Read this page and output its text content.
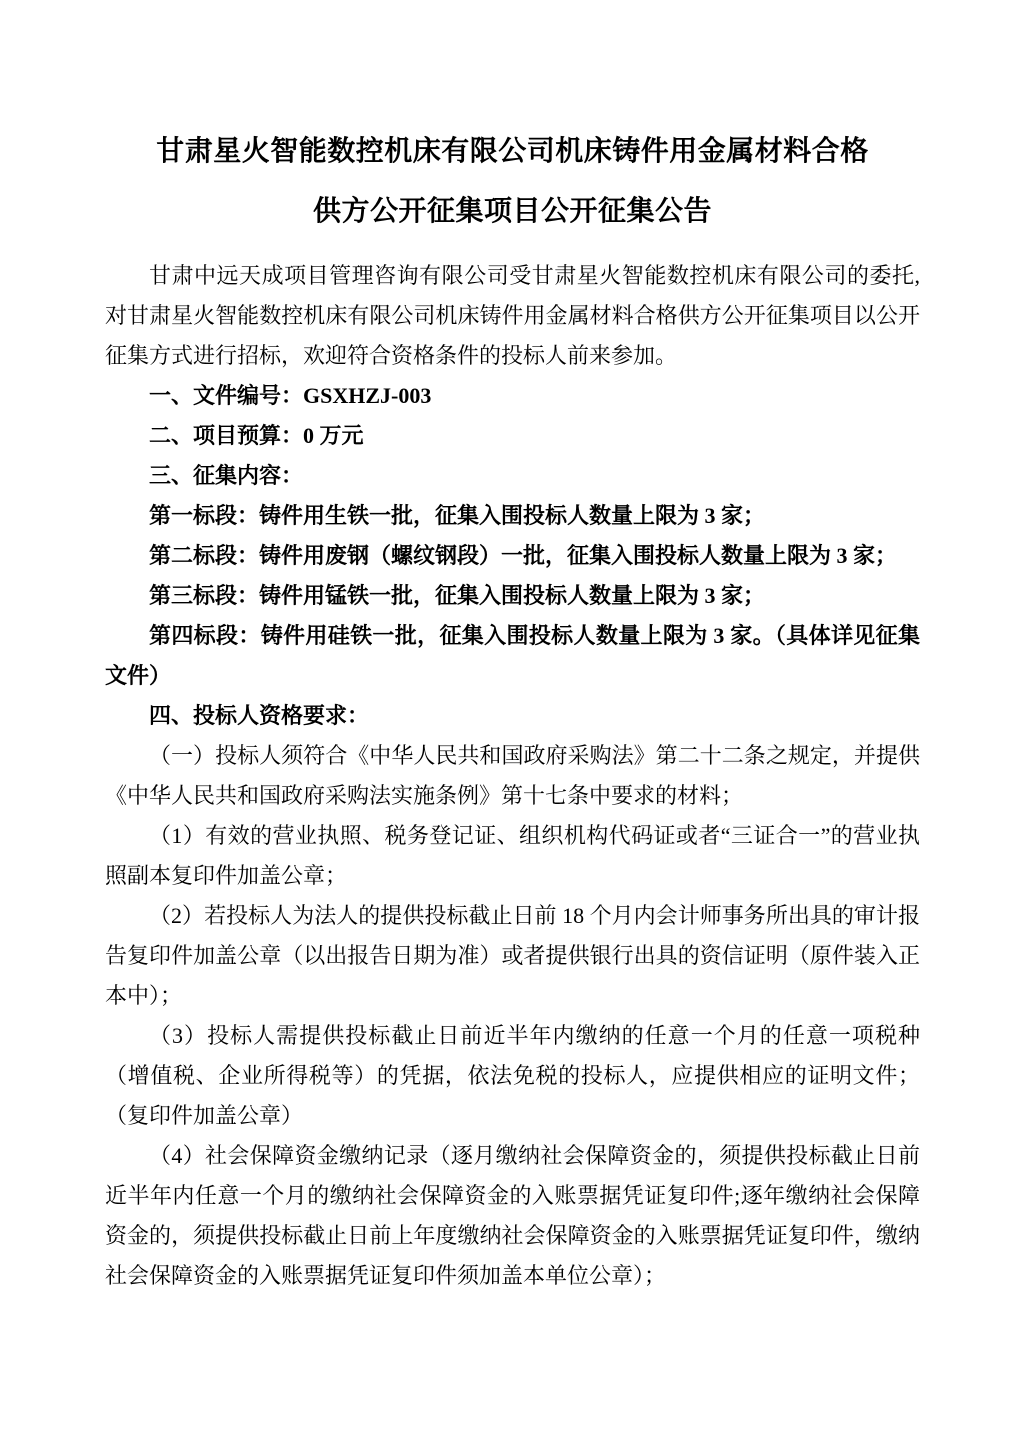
甘肃星火智能数控机床有限公司机床铸件用金属材料合格
供方公开征集项目公开征集公告

甘肃中远天成项目管理咨询有限公司受甘肃星火智能数控机床有限公司的委托,对甘肃星火智能数控机床有限公司机床铸件用金属材料合格供方公开征集项目以公开征集方式进行招标，欢迎符合资格条件的投标人前来参加。

一、文件编号：GSXHZJ-003

二、项目预算：0 万元

三、征集内容：

第一标段：铸件用生铁一批，征集入围投标人数量上限为 3 家；

第二标段：铸件用废钢（螺纹钢段）一批，征集入围投标人数量上限为 3 家；

第三标段：铸件用锰铁一批，征集入围投标人数量上限为 3 家；

第四标段：铸件用硅铁一批，征集入围投标人数量上限为 3 家。（具体详见征集文件）

四、投标人资格要求：

（一）投标人须符合《中华人民共和国政府采购法》第二十二条之规定，并提供《中华人民共和国政府采购法实施条例》第十七条中要求的材料；

（1）有效的营业执照、税务登记证、组织机构代码证或者“三证合一”的营业执照副本复印件加盖公章；

（2）若投标人为法人的提供投标截止日前 18 个月内会计师事务所出具的审计报告复印件加盖公章（以出报告日期为准）或者提供银行出具的资信证明（原件装入正本中）；

（3）投标人需提供投标截止日前近半年内缴纳的任意一个月的任意一项税种（增值税、企业所得税等）的凭据，依法免税的投标人，应提供相应的证明文件；（复印件加盖公章）

（4）社会保障资金缴纳记录（逐月缴纳社会保障资金的，须提供投标截止日前近半年内任意一个月的缴纳社会保障资金的入账票据凭证复印件;逐年缴纳社会保障资金的，须提供投标截止日前上年度缴纳社会保障资金的入账票据凭证复印件，缴纳社会保障资金的入账票据凭证复印件须加盖本单位公章）；
